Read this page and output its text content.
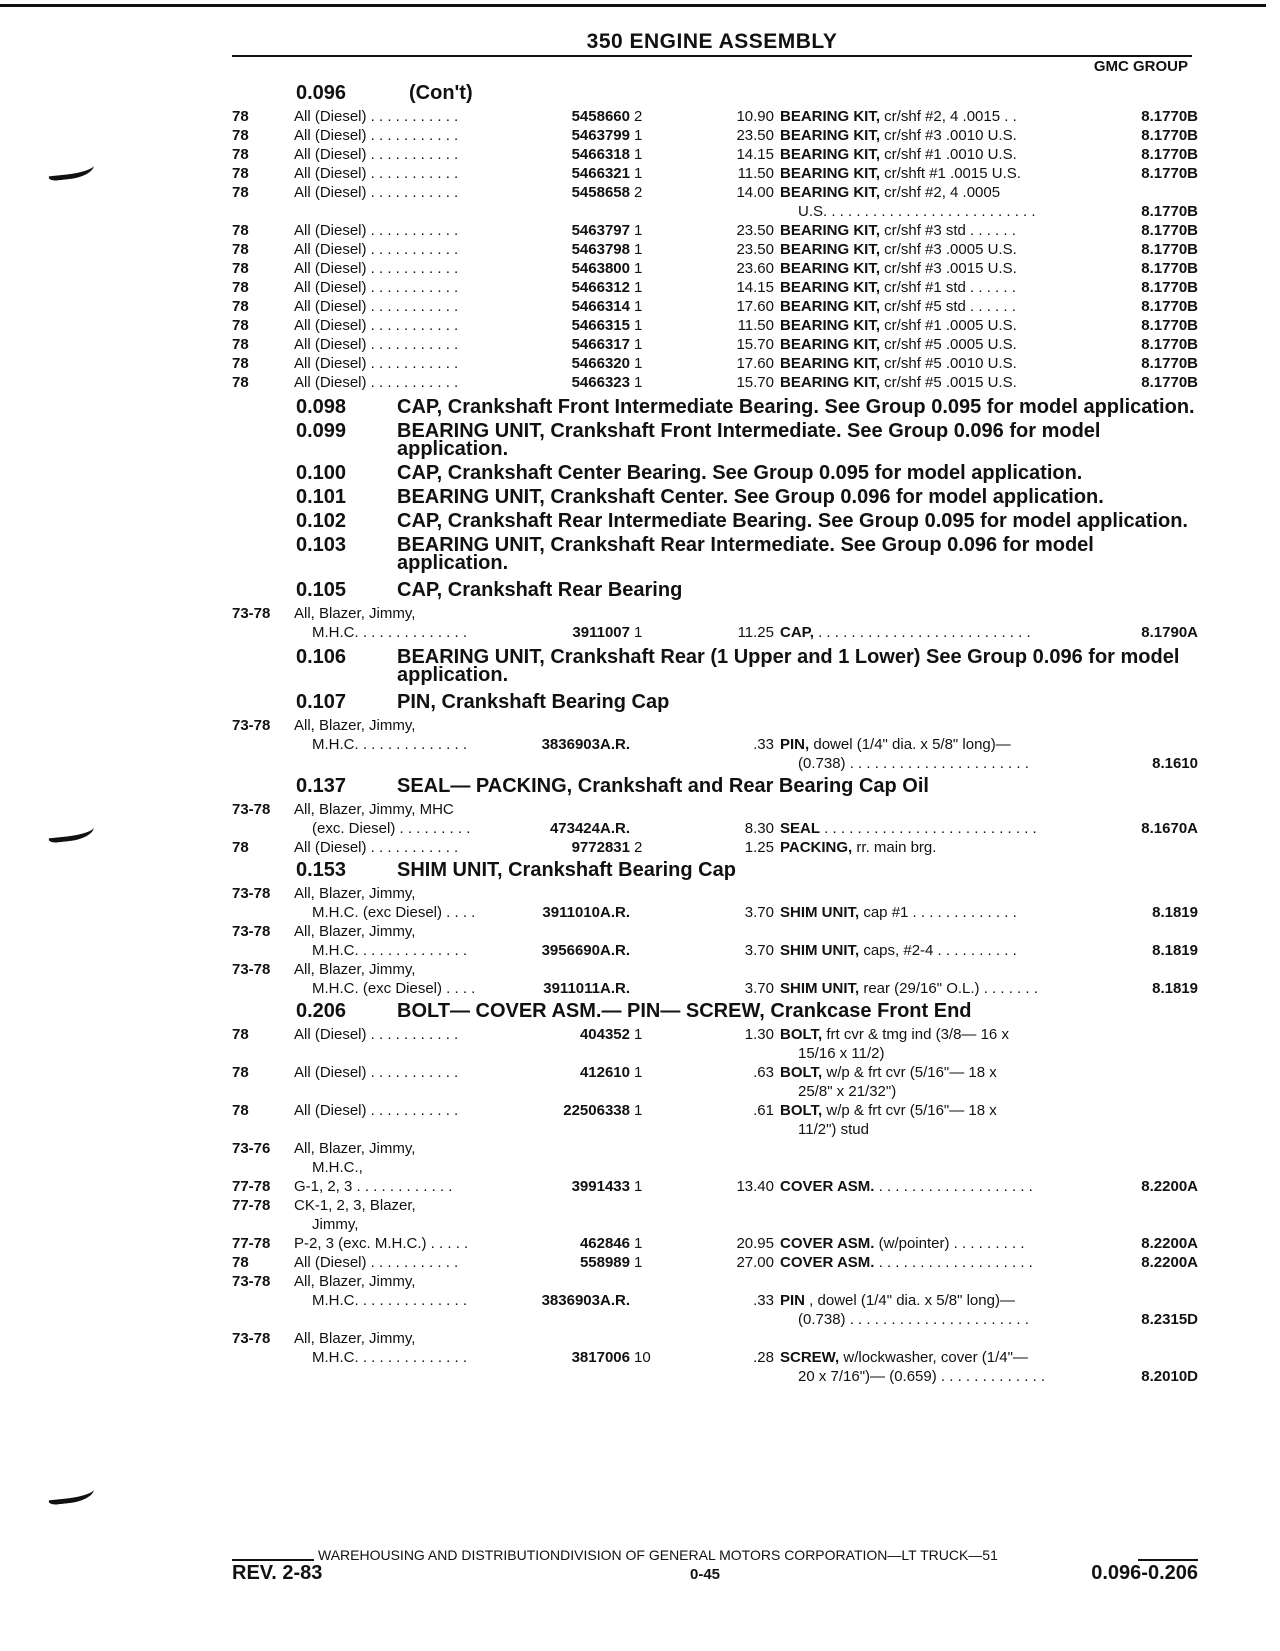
350 ENGINE ASSEMBLY
GMC GROUP
0.096	(Con't)
78	All (Diesel) . . . . . . . . . . .	5458660 2	10.90 BEARING KIT, cr/shf #2, 4 .0015 . .	8.1770B
78	All (Diesel) . . . . . . . . . . .	5463799 1	23.50 BEARING KIT, cr/shf #3 .0010 U.S.	8.1770B
78	All (Diesel) . . . . . . . . . . .	5466318 1	14.15 BEARING KIT, cr/shf #1 .0010 U.S.	8.1770B
78	All (Diesel) . . . . . . . . . . .	5466321 1	11.50 BEARING KIT, cr/shft #1 .0015 U.S.	8.1770B
78	All (Diesel) . . . . . . . . . . .	5458658 2	14.00 BEARING KIT, cr/shf #2, 4 .0005
U.S. . . . . . . . . . . . . . . . . . . . . . . . . .	8.1770B
78	All (Diesel) . . . . . . . . . . .	5463797 1	23.50 BEARING KIT, cr/shf #3 std . . . . . .	8.1770B
78	All (Diesel) . . . . . . . . . . .	5463798 1	23.50 BEARING KIT, cr/shf #3 .0005 U.S.	8.1770B
78	All (Diesel) . . . . . . . . . . .	5463800 1	23.60 BEARING KIT, cr/shf #3 .0015 U.S.	8.1770B
78	All (Diesel) . . . . . . . . . . .	5466312 1	14.15 BEARING KIT, cr/shf #1 std . . . . . .	8.1770B
78	All (Diesel) . . . . . . . . . . .	5466314 1	17.60 BEARING KIT, cr/shf #5 std . . . . . .	8.1770B
78	All (Diesel) . . . . . . . . . . .	5466315 1	11.50 BEARING KIT, cr/shf #1 .0005 U.S.	8.1770B
78	All (Diesel) . . . . . . . . . . .	5466317 1	15.70 BEARING KIT, cr/shf #5 .0005 U.S.	8.1770B
78	All (Diesel) . . . . . . . . . . .	5466320 1	17.60 BEARING KIT, cr/shf #5 .0010 U.S.	8.1770B
78	All (Diesel) . . . . . . . . . . .	5466323 1	15.70 BEARING KIT, cr/shf #5 .0015 U.S.	8.1770B
0.098	CAP, Crankshaft Front Intermediate Bearing. See Group 0.095 for model application.
0.099	BEARING UNIT, Crankshaft Front Intermediate. See Group 0.096 for model application.
0.100	CAP, Crankshaft Center Bearing. See Group 0.095 for model application.
0.101	BEARING UNIT, Crankshaft Center. See Group 0.096 for model application.
0.102	CAP, Crankshaft Rear Intermediate Bearing. See Group 0.095 for model application.
0.103	BEARING UNIT, Crankshaft Rear Intermediate. See Group 0.096 for model application.
0.105	CAP, Crankshaft Rear Bearing
73-78	All, Blazer, Jimmy,
M.H.C. . . . . . . . . . . . . .	3911007 1	11.25 CAP, . . . . . . . . . . . . . . . . . . . . . . . . . .	8.1790A
0.106	BEARING UNIT, Crankshaft Rear (1 Upper and 1 Lower) See Group 0.096 for model application.
0.107	PIN, Crankshaft Bearing Cap
73-78	All, Blazer, Jimmy,
M.H.C. . . . . . . . . . . . . .	3836903A.R.	.33 PIN, dowel (1/4" dia. x 5/8" long)—
(0.738) . . . . . . . . . . . . . . . . . . . . . .	8.1610
0.137	SEAL— PACKING, Crankshaft and Rear Bearing Cap Oil
73-78	All, Blazer, Jimmy, MHC
(exc. Diesel) . . . . . . . . .	473424A.R.	8.30 SEAL . . . . . . . . . . . . . . . . . . . . . . . . . .	8.1670A
78	All (Diesel) . . . . . . . . . . .	9772831 2	1.25 PACKING, rr. main brg.
0.153	SHIM UNIT, Crankshaft Bearing Cap
73-78	All, Blazer, Jimmy,
M.H.C. (exc Diesel) . . . .	3911010A.R.	3.70 SHIM UNIT, cap #1 . . . . . . . . . . . . .	8.1819
73-78	All, Blazer, Jimmy,
M.H.C. . . . . . . . . . . . . .	3956690A.R.	3.70 SHIM UNIT, caps, #2-4 . . . . . . . . . .	8.1819
73-78	All, Blazer, Jimmy,
M.H.C. (exc Diesel) . . . .	3911011A.R.	3.70 SHIM UNIT, rear (29/16" O.L.) . . . . . . .	8.1819
0.206	BOLT— COVER ASM.— PIN— SCREW, Crankcase Front End
78	All (Diesel) . . . . . . . . . . .	404352 1	1.30 BOLT, frt cvr & tmg ind (3/8— 16 x
15/16 x 11/2)
78	All (Diesel) . . . . . . . . . . .	412610 1	.63 BOLT, w/p & frt cvr (5/16"— 18 x
25/8" x 21/32")
78	All (Diesel) . . . . . . . . . . .	22506338 1	.61 BOLT, w/p & frt cvr (5/16"— 18 x
11/2") stud
73-76	All, Blazer, Jimmy,
M.H.C.,
77-78	G-1, 2, 3 . . . . . . . . . . . .	3991433 1	13.40 COVER ASM. . . . . . . . . . . . . . . . . . . .	8.2200A
77-78	CK-1, 2, 3, Blazer,
Jimmy,
77-78	P-2, 3 (exc. M.H.C.) . . . . .	462846 1	20.95 COVER ASM. (w/pointer) . . . . . . . . .	8.2200A
78	All (Diesel) . . . . . . . . . . .	558989 1	27.00 COVER ASM. . . . . . . . . . . . . . . . . . . .	8.2200A
73-78	All, Blazer, Jimmy,
M.H.C. . . . . . . . . . . . . .	3836903A.R.	.33 PIN , dowel (1/4" dia. x 5/8" long)—
(0.738) . . . . . . . . . . . . . . . . . . . . . .	8.2315D
73-78	All, Blazer, Jimmy,
M.H.C. . . . . . . . . . . . . .	3817006 10	.28 SCREW, w/lockwasher, cover (1/4"—
20 x 7/16")— (0.659) . . . . . . . . . . . . .	8.2010D
WAREHOUSING AND DISTRIBUTIONDIVISION OF GENERAL MOTORS CORPORATION—LT TRUCK—51
REV. 2-83	0-45	0.096-0.206
